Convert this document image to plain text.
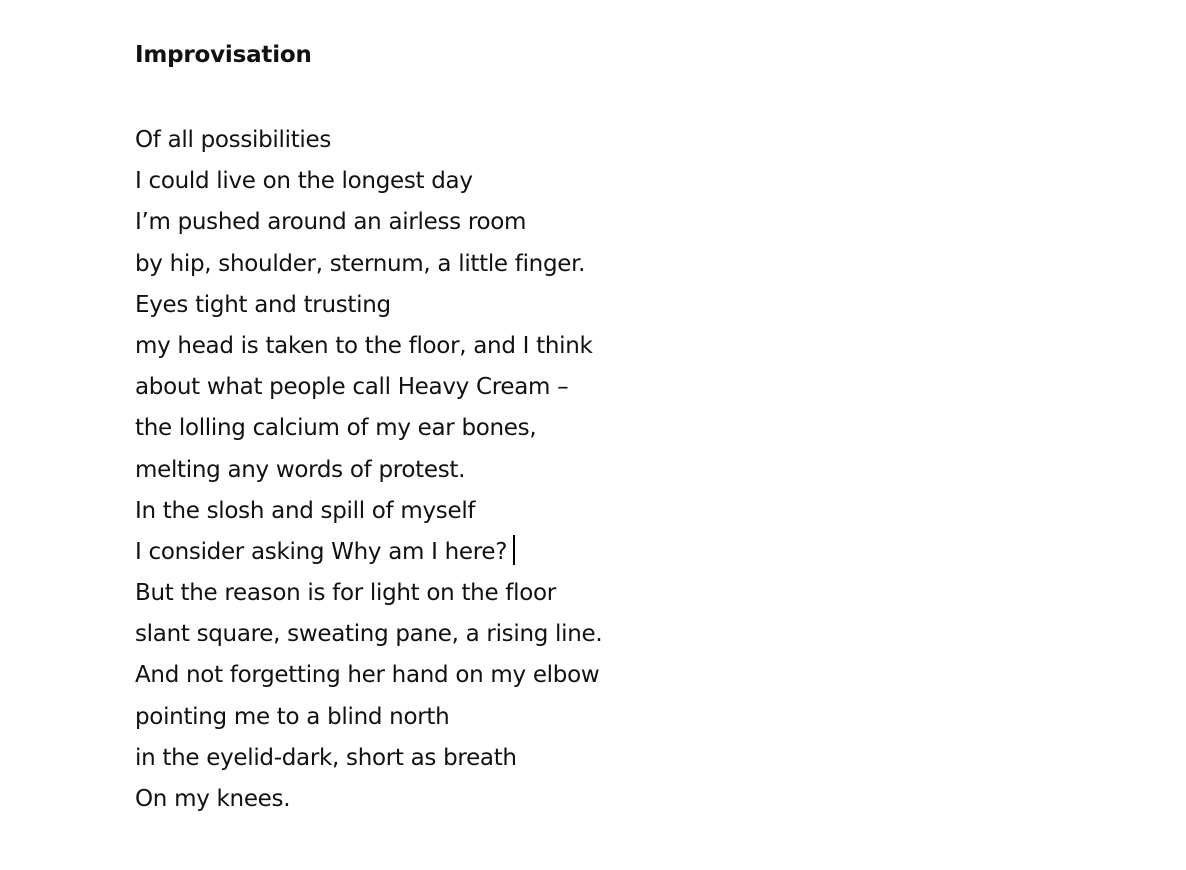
Improvisation
Of all possibilities
I could live on the longest day
I’m pushed around an airless room
by hip, shoulder, sternum, a little finger.
Eyes tight and trusting
my head is taken to the floor, and I think
about what people call Heavy Cream –
the lolling calcium of my ear bones,
melting any words of protest.
In the slosh and spill of myself
I consider asking Why am I here?
But the reason is for light on the floor
slant square, sweating pane, a rising line.
And not forgetting her hand on my elbow
pointing me to a blind north
in the eyelid-dark, short as breath
On my knees.
